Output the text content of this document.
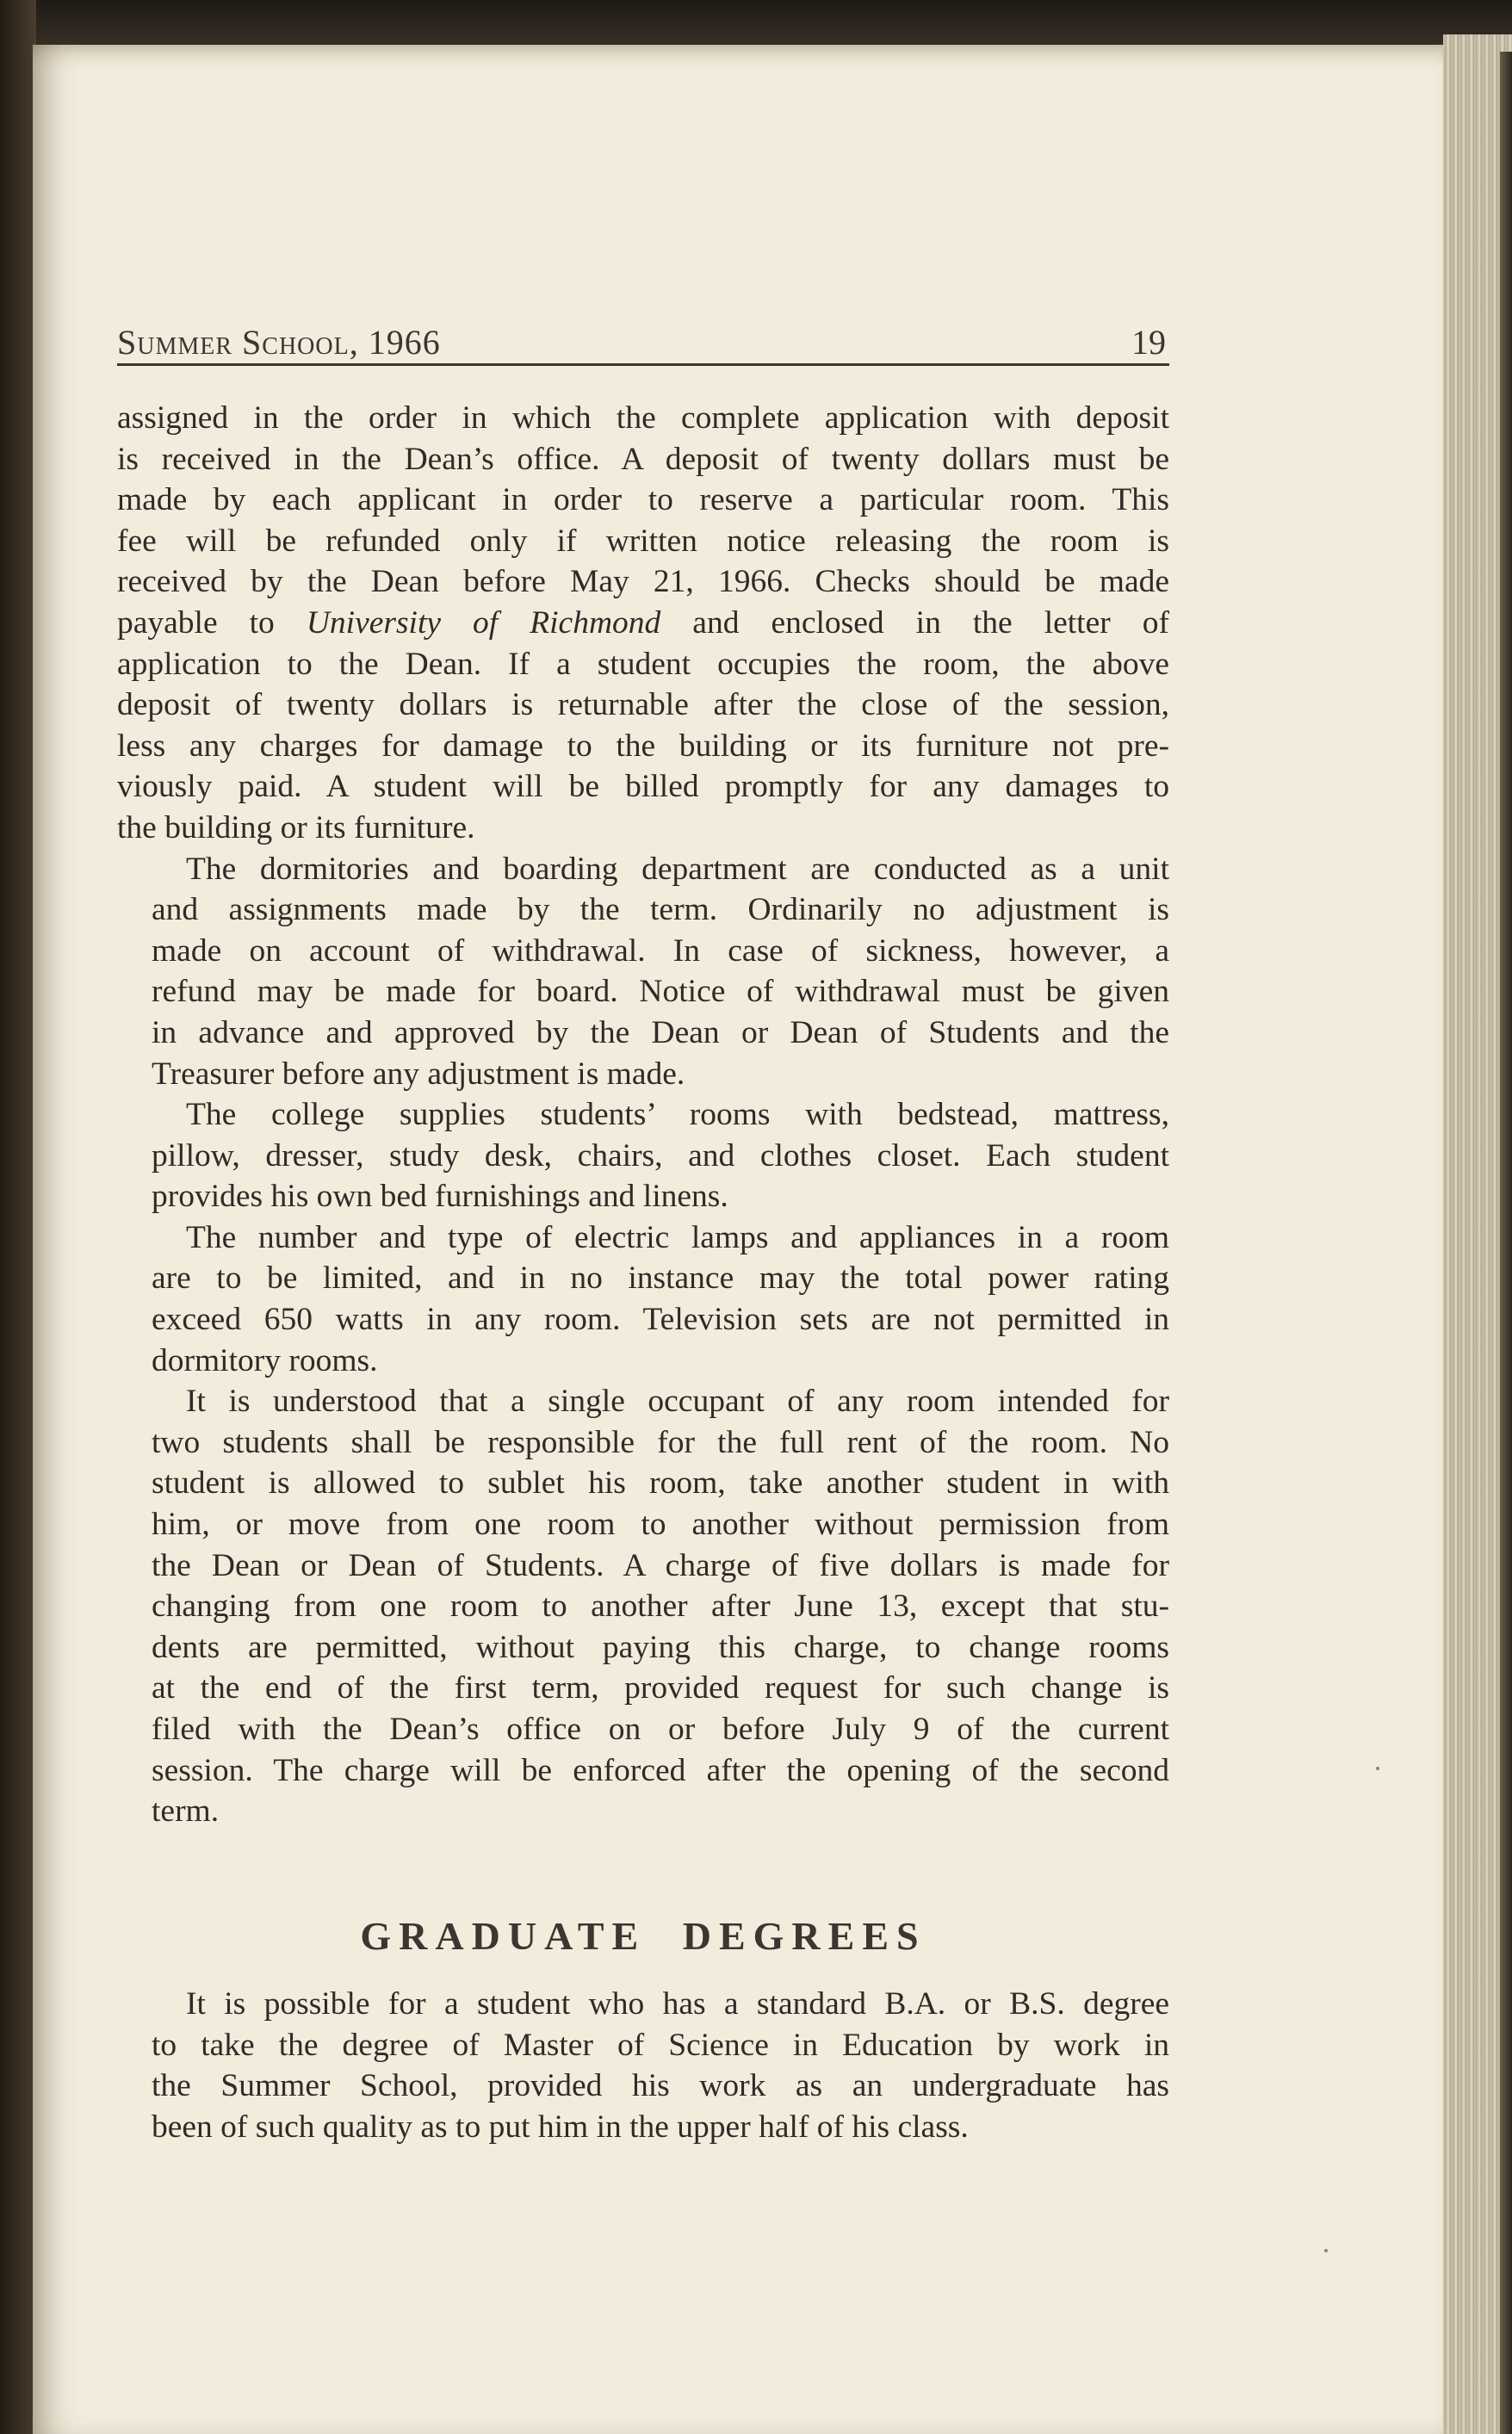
Summer School, 1966	19

assigned in the order in which the complete application with deposit
is received in the Dean’s office. A deposit of twenty dollars must be
made by each applicant in order to reserve a particular room. This
fee will be refunded only if written notice releasing the room is
received by the Dean before May 21, 1966. Checks should be made
payable to University of Richmond and enclosed in the letter of
application to the Dean. If a student occupies the room, the above
deposit of twenty dollars is returnable after the close of the session,
less any charges for damage to the building or its furniture not pre-
viously paid. A student will be billed promptly for any damages to
the building or its furniture.

The dormitories and boarding department are conducted as a unit
and assignments made by the term. Ordinarily no adjustment is
made on account of withdrawal. In case of sickness, however, a
refund may be made for board. Notice of withdrawal must be given
in advance and approved by the Dean or Dean of Students and the
Treasurer before any adjustment is made.

The college supplies students’ rooms with bedstead, mattress,
pillow, dresser, study desk, chairs, and clothes closet. Each student
provides his own bed furnishings and linens.

The number and type of electric lamps and appliances in a room
are to be limited, and in no instance may the total power rating
exceed 650 watts in any room. Television sets are not permitted in
dormitory rooms.

It is understood that a single occupant of any room intended for
two students shall be responsible for the full rent of the room. No
student is allowed to sublet his room, take another student in with
him, or move from one room to another without permission from
the Dean or Dean of Students. A charge of five dollars is made for
changing from one room to another after June 13, except that stu-
dents are permitted, without paying this charge, to change rooms
at the end of the first term, provided request for such change is
filed with the Dean’s office on or before July 9 of the current
session. The charge will be enforced after the opening of the second
term.

GRADUATE DEGREES

It is possible for a student who has a standard B.A. or B.S. degree
to take the degree of Master of Science in Education by work in
the Summer School, provided his work as an undergraduate has
been of such quality as to put him in the upper half of his class.
